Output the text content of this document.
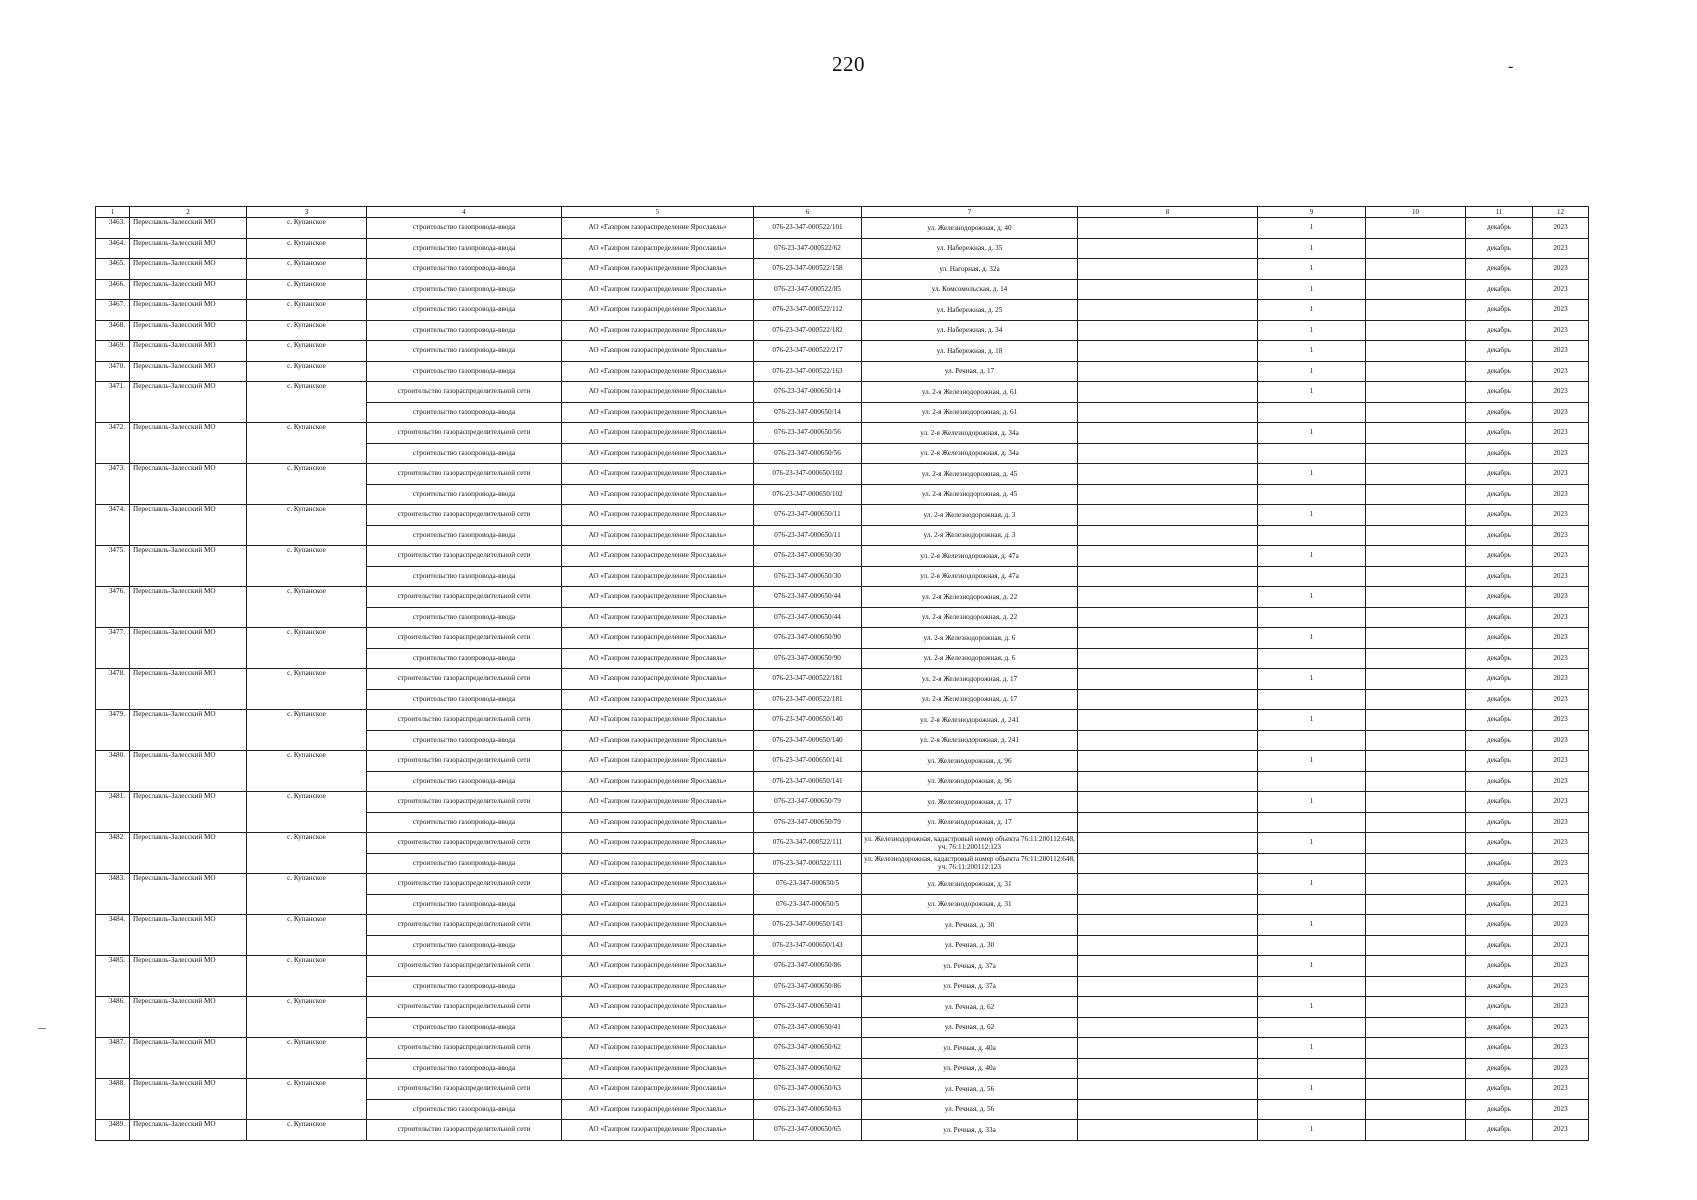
220	-
1	2	3	4	5	6	7	8	9	10	11	12
3463.	Переславль-Залесский МО	с. Купанское	строительство газопровода-ввода	АО «Газпром газораспределение Ярославль»	076-23-347-000522/101	ул. Железнодорожная, д. 40		1		декабрь	2023
3464.	Переславль-Залесский МО	с. Купанское	строительство газопровода-ввода	АО «Газпром газораспределение Ярославль»	076-23-347-000522/62	ул. Набережная, д. 35		1		декабрь	2023
3465.	Переславль-Залесский МО	с. Купанское	строительство газопровода-ввода	АО «Газпром газораспределение Ярославль»	076-23-347-000522/158	ул. Нагорная, д. 32а		1		декабрь	2023
3466.	Переславль-Залесский МО	с. Купанское	строительство газопровода-ввода	АО «Газпром газораспределение Ярославль»	076-23-347-000522/85	ул. Комсомольская, д. 14		1		декабрь	2023
3467.	Переславль-Залесский МО	с. Купанское	строительство газопровода-ввода	АО «Газпром газораспределение Ярославль»	076-23-347-000522/112	ул. Набережная, д. 25		1		декабрь	2023
3468.	Переславль-Залесский МО	с. Купанское	строительство газопровода-ввода	АО «Газпром газораспределение Ярославль»	076-23-347-000522/182	ул. Набережная, д. 34		1		декабрь	2023
3469.	Переславль-Залесский МО	с. Купанское	строительство газопровода-ввода	АО «Газпром газораспределение Ярославль»	076-23-347-000522/217	ул. Набережная, д. 18		1		декабрь	2023
3470.	Переславль-Залесский МО	с. Купанское	строительство газопровода-ввода	АО «Газпром газораспределение Ярославль»	076-23-347-000522/163	ул. Речная, д. 17		1		декабрь	2023
3471.	Переславль-Залесский МО	с. Купанское	строительство газораспределительной сети	АО «Газпром газораспределение Ярославль»	076-23-347-000650/14	ул. 2-я Железнодорожная, д. 61		1		декабрь	2023
			строительство газопровода-ввода	АО «Газпром газораспределение Ярославль»	076-23-347-000650/14	ул. 2-я Железнодорожная, д. 61				декабрь	2023
3472.	Переславль-Залесский МО	с. Купанское	строительство газораспределительной сети	АО «Газпром газораспределение Ярославль»	076-23-347-000650/56	ул. 2-я Железнодорожная, д. 34а		1		декабрь	2023
			строительство газопровода-ввода	АО «Газпром газораспределение Ярославль»	076-23-347-000650/56	ул. 2-я Железнодорожная, д. 34а				декабрь	2023
3473.	Переславль-Залесский МО	с. Купанское	строительство газораспределительной сети	АО «Газпром газораспределение Ярославль»	076-23-347-000650/102	ул. 2-я Железнодорожная, д. 45		1		декабрь	2023
			строительство газопровода-ввода	АО «Газпром газораспределение Ярославль»	076-23-347-000650/102	ул. 2-я Железнодорожная, д. 45				декабрь	2023
3474.	Переславль-Залесский МО	с. Купанское	строительство газораспределительной сети	АО «Газпром газораспределение Ярославль»	076-23-347-000650/11	ул. 2-я Железнодорожная, д. 3		1		декабрь	2023
			строительство газопровода-ввода	АО «Газпром газораспределение Ярославль»	076-23-347-000650/11	ул. 2-я Железнодорожная, д. 3				декабрь	2023
3475.	Переславль-Залесский МО	с. Купанское	строительство газораспределительной сети	АО «Газпром газораспределение Ярославль»	076-23-347-000650/30	ул. 2-я Железнодорожная, д. 47а		1		декабрь	2023
			строительство газопровода-ввода	АО «Газпром газораспределение Ярославль»	076-23-347-000650/30	ул. 2-я Железнодорожная, д. 47а				декабрь	2023
3476.	Переславль-Залесский МО	с. Купанское	строительство газораспределительной сети	АО «Газпром газораспределение Ярославль»	076-23-347-000650/44	ул. 2-я Железнодорожная, д. 22		1		декабрь	2023
			строительство газопровода-ввода	АО «Газпром газораспределение Ярославль»	076-23-347-000650/44	ул. 2-я Железнодорожная, д. 22				декабрь	2023
3477.	Переславль-Залесский МО	с. Купанское	строительство газораспределительной сети	АО «Газпром газораспределение Ярославль»	076-23-347-000650/90	ул. 2-я Железнодорожная, д. 6		1		декабрь	2023
			строительство газопровода-ввода	АО «Газпром газораспределение Ярославль»	076-23-347-000650/90	ул. 2-я Железнодорожная, д. 6				декабрь	2023
3478.	Переславль-Залесский МО	с. Купанское	строительство газораспределительной сети	АО «Газпром газораспределение Ярославль»	076-23-347-000522/181	ул. 2-я Железнодорожная, д. 17		1		декабрь	2023
			строительство газопровода-ввода	АО «Газпром газораспределение Ярославль»	076-23-347-000522/181	ул. 2-я Железнодорожная, д. 17				декабрь	2023
3479.	Переславль-Залесский МО	с. Купанское	строительство газораспределительной сети	АО «Газпром газораспределение Ярославль»	076-23-347-000650/140	ул. 2-я Железнодорожная, д. 241		1		декабрь	2023
			строительство газопровода-ввода	АО «Газпром газораспределение Ярославль»	076-23-347-000650/140	ул. 2-я Железнодорожная, д. 241				декабрь	2023
3480.	Переславль-Залесский МО	с. Купанское	строительство газораспределительной сети	АО «Газпром газораспределение Ярославль»	076-23-347-000650/141	ул. Железнодорожная, д. 96		1		декабрь	2023
			строительство газопровода-ввода	АО «Газпром газораспределение Ярославль»	076-23-347-000650/141	ул. Железнодорожная, д. 96				декабрь	2023
3481.	Переславль-Залесский МО	с. Купанское	строительство газораспределительной сети	АО «Газпром газораспределение Ярославль»	076-23-347-000650/79	ул. Железнодорожная, д. 17		1		декабрь	2023
			строительство газопровода-ввода	АО «Газпром газораспределение Ярославль»	076-23-347-000650/79	ул. Железнодорожная, д. 17				декабрь	2023
3482.	Переславль-Залесский МО	с. Купанское	строительство газораспределительной сети	АО «Газпром газораспределение Ярославль»	076-23-347-000522/111	ул. Железнодорожная, кадастровый номер объекта 76:11:200112:648, уч. 76:11:200112:123		1		декабрь	2023
			строительство газопровода-ввода	АО «Газпром газораспределение Ярославль»	076-23-347-000522/111	ул. Железнодорожная, кадастровый номер объекта 76:11:200112:648, уч. 76:11:200112:123				декабрь	2023
3483.	Переславль-Залесский МО	с. Купанское	строительство газораспределительной сети	АО «Газпром газораспределение Ярославль»	076-23-347-000650/5	ул. Железнодорожная, д. 31		1		декабрь	2023
			строительство газопровода-ввода	АО «Газпром газораспределение Ярославль»	076-23-347-000650/5	ул. Железнодорожная, д. 31				декабрь	2023
3484.	Переславль-Залесский МО	с. Купанское	строительство газораспределительной сети	АО «Газпром газораспределение Ярославль»	076-23-347-000650/143	ул. Речная, д. 30		1		декабрь	2023
			строительство газопровода-ввода	АО «Газпром газораспределение Ярославль»	076-23-347-000650/143	ул. Речная, д. 30				декабрь	2023
3485.	Переславль-Залесский МО	с. Купанское	строительство газораспределительной сети	АО «Газпром газораспределение Ярославль»	076-23-347-000650/86	ул. Речная, д. 37а		1		декабрь	2023
			строительство газопровода-ввода	АО «Газпром газораспределение Ярославль»	076-23-347-000650/86	ул. Речная, д. 37а				декабрь	2023
3486.	Переславль-Залесский МО	с. Купанское	строительство газораспределительной сети	АО «Газпром газораспределение Ярославль»	076-23-347-000650/41	ул. Речная, д. 62		1		декабрь	2023
			строительство газопровода-ввода	АО «Газпром газораспределение Ярославль»	076-23-347-000650/41	ул. Речная, д. 62				декабрь	2023
3487.	Переславль-Залесский МО	с. Купанское	строительство газораспределительной сети	АО «Газпром газораспределение Ярославль»	076-23-347-000650/62	ул. Речная, д. 40а		1		декабрь	2023
			строительство газопровода-ввода	АО «Газпром газораспределение Ярославль»	076-23-347-000650/62	ул. Речная, д. 40а				декабрь	2023
3488.	Переславль-Залесский МО	с. Купанское	строительство газораспределительной сети	АО «Газпром газораспределение Ярославль»	076-23-347-000650/63	ул. Речная, д. 56		1		декабрь	2023
			строительство газопровода-ввода	АО «Газпром газораспределение Ярославль»	076-23-347-000650/63	ул. Речная, д. 56				декабрь	2023
3489.	Переславль-Залесский МО	с. Купанское	строительство газораспределительной сети	АО «Газпром газораспределение Ярославль»	076-23-347-000650/65	ул. Речная, д. 33а		1		декабрь	2023
